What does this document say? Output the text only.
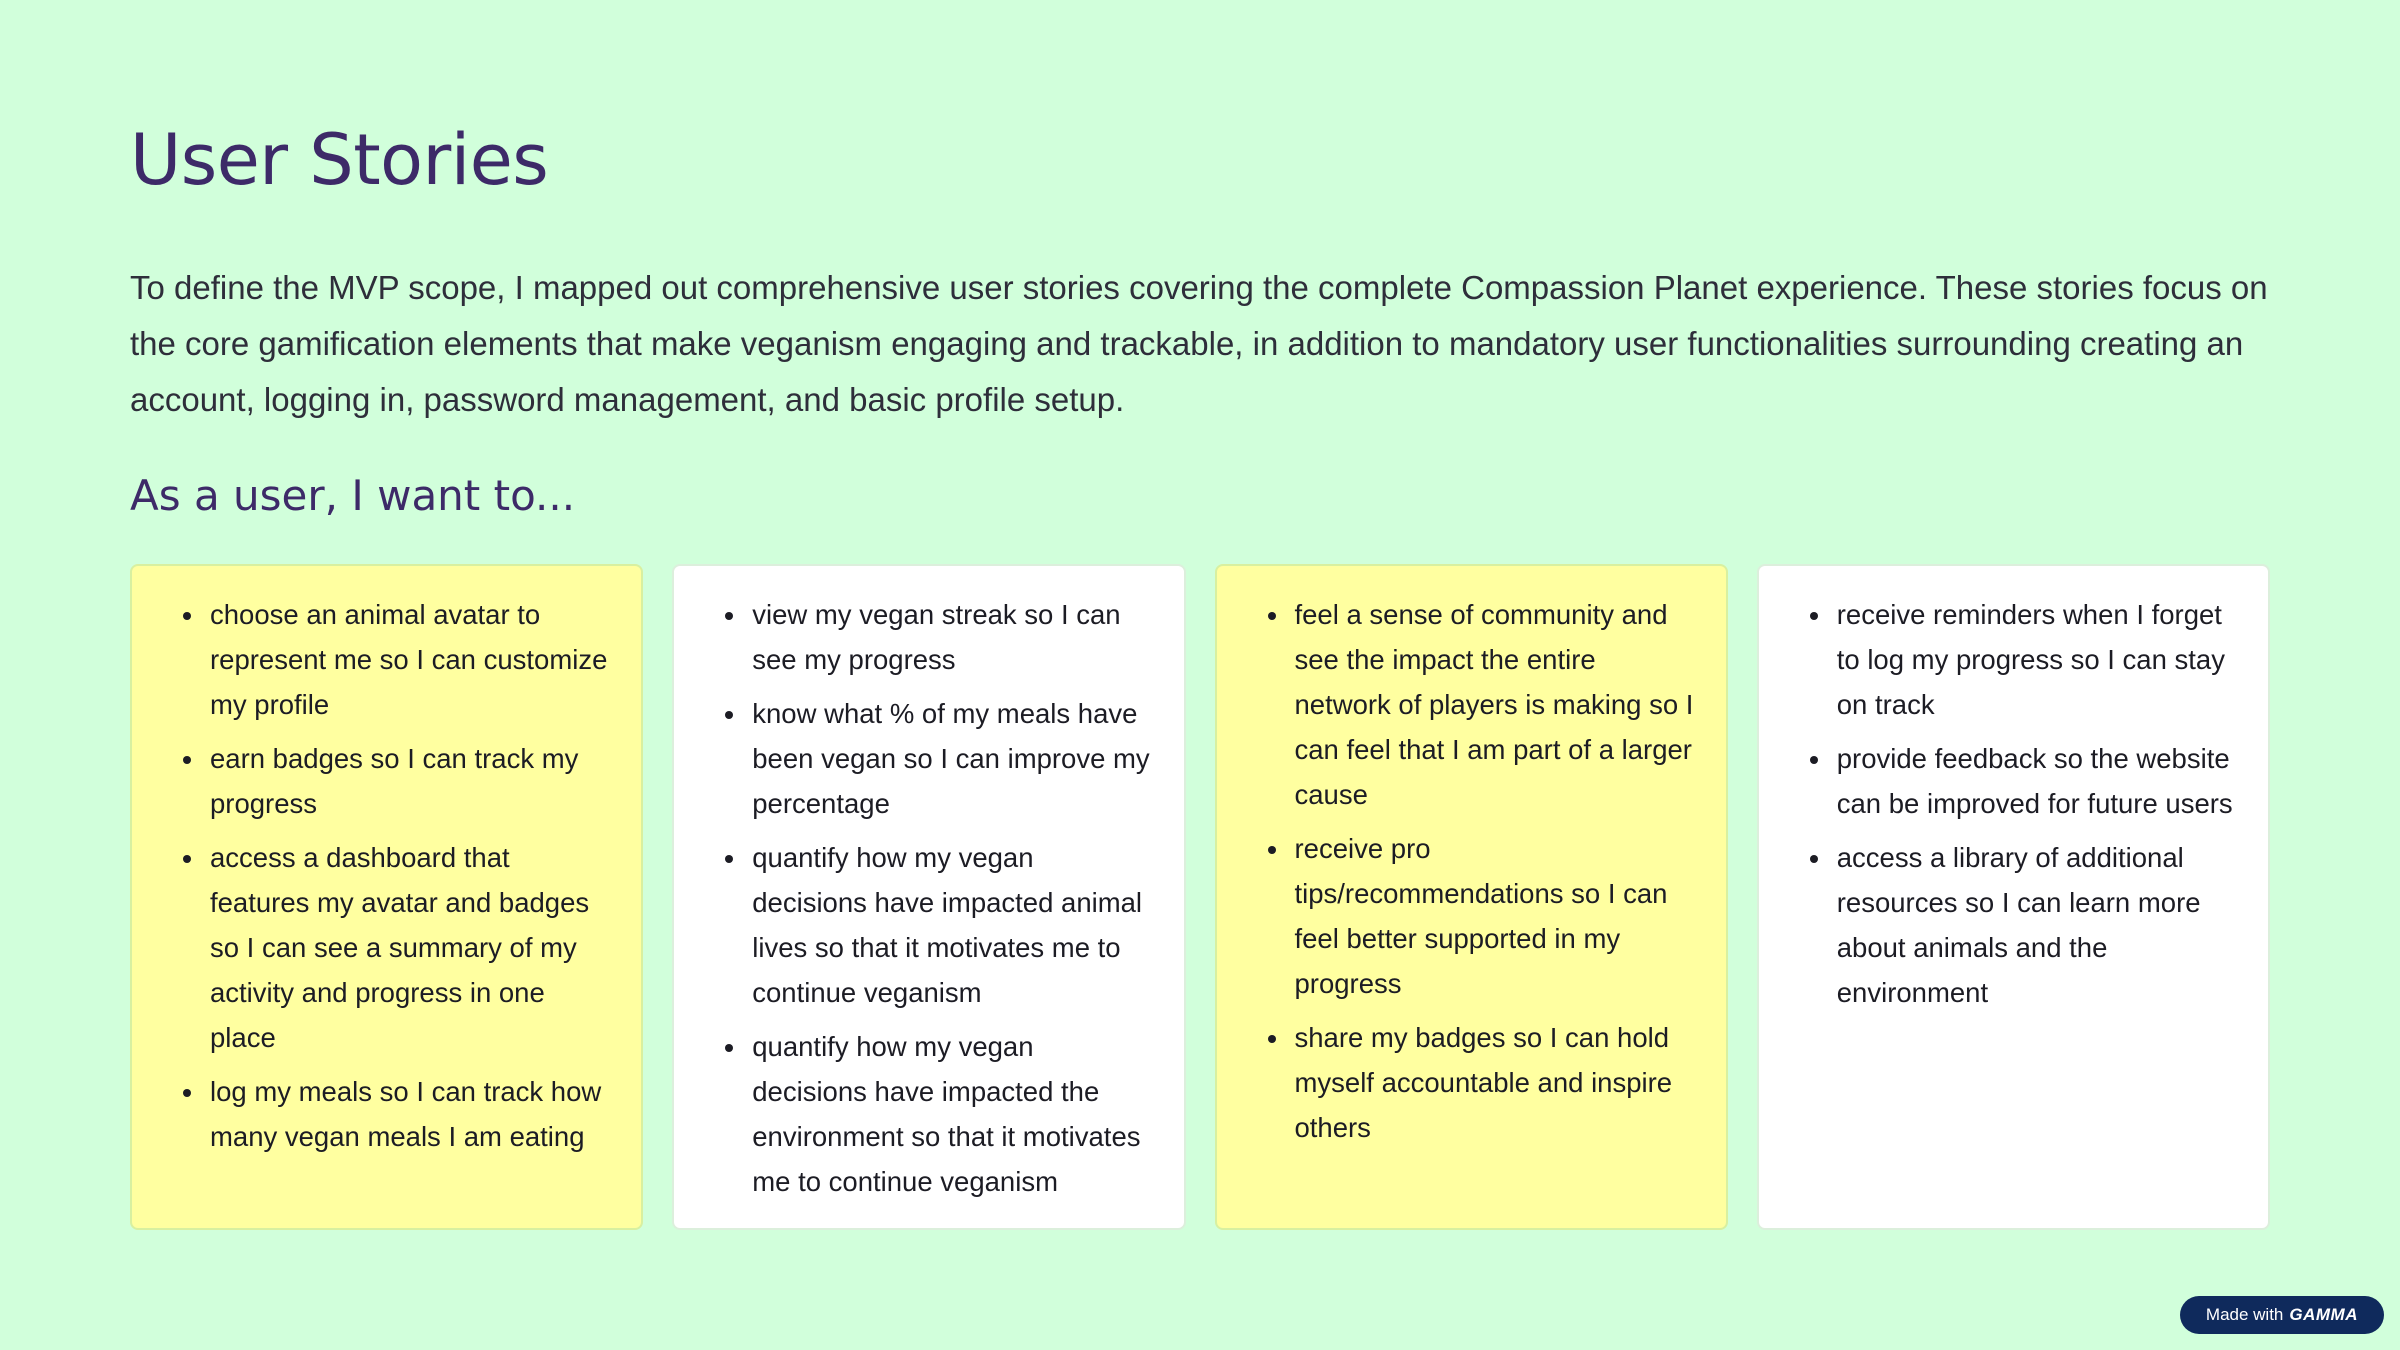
User Stories

To define the MVP scope, I mapped out comprehensive user stories covering the complete Compassion Planet experience. These stories focus on the core gamification elements that make veganism engaging and trackable, in addition to mandatory user functionalities surrounding creating an account, logging in, password management, and basic profile setup.

As a user, I want to...
• choose an animal avatar to represent me so I can customize my profile
• earn badges so I can track my progress
• access a dashboard that features my avatar and badges so I can see a summary of my activity and progress in one place
• log my meals so I can track how many vegan meals I am eating
• view my vegan streak so I can see my progress
• know what % of my meals have been vegan so I can improve my percentage
• quantify how my vegan decisions have impacted animal lives so that it motivates me to continue veganism
• quantify how my vegan decisions have impacted the environment so that it motivates me to continue veganism
• feel a sense of community and see the impact the entire network of players is making so I can feel that I am part of a larger cause
• receive pro tips/recommendations so I can feel better supported in my progress
• share my badges so I can hold myself accountable and inspire others
• receive reminders when I forget to log my progress so I can stay on track
• provide feedback so the website can be improved for future users
• access a library of additional resources so I can learn more about animals and the environment
Made with GAMMA
